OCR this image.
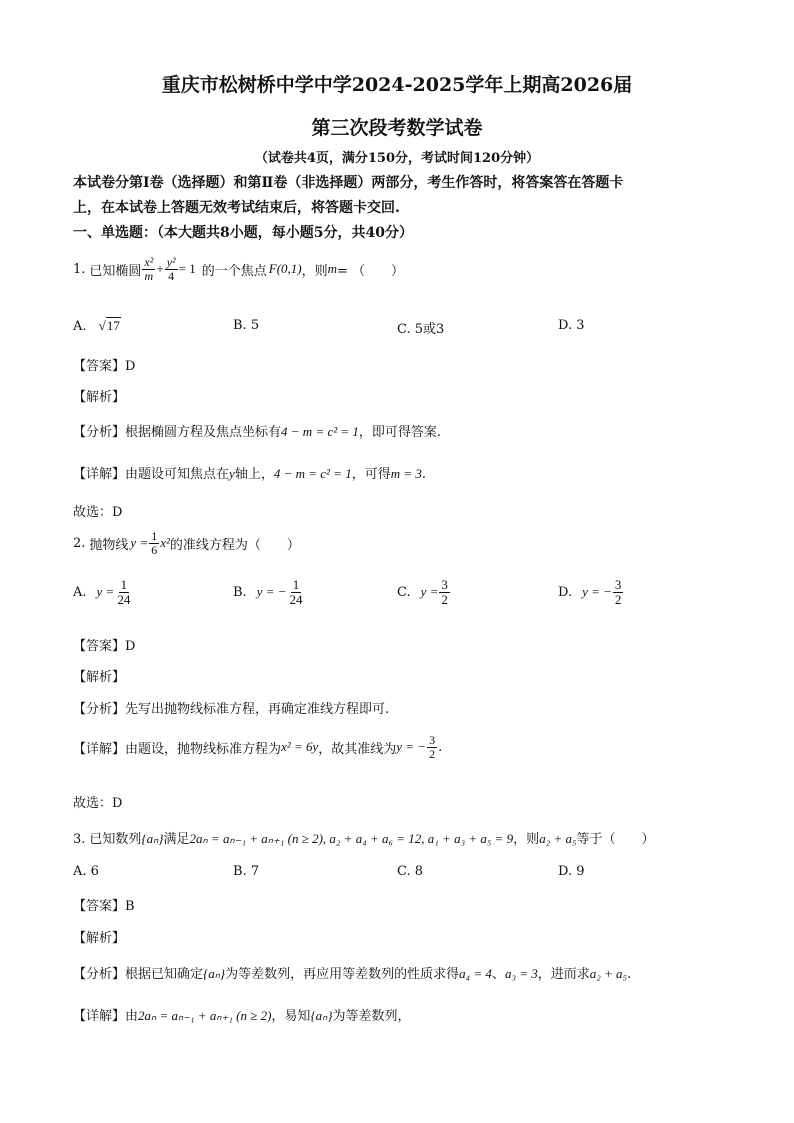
重庆市松树桥中学中学2024-2025学年上期高2026届
第三次段考数学试卷
（试卷共4页，满分150分，考试时间120分钟）
本试卷分第Ⅰ卷（选择题）和第Ⅱ卷（非选择题）两部分，考生作答时，将答案答在答题卡
上，在本试卷上答题无效考试结束后，将答题卡交回.
一、单选题：（本大题共8小题，每小题5分，共40分）
1. 已知椭圆 $\frac{\text{x²}}{m} + \frac{\text{y²}}{4} = 1$ 的一个焦点 F(0,1) ，则 m = （　　）
A. √17	B. 5	C. 5或3	D. 3
【答案】D
【解析】
【分析】根据椭圆方程及焦点坐标有4 − m = c² = 1，即可得答案.
【详解】由题设可知焦点在y轴上，4 − m = c² = 1，可得m = 3.
故选：D
2. 抛物线 $y = \frac{1}{6} x^2$ 的准线方程为（　　）
A. $y = \frac{1}{24}$	B. y = − $\frac{1}{24}$	C. $y = \frac{3}{2}$	D. y = − $\frac{3}{2}$
【答案】D
【解析】
【分析】先写出抛物线标准方程，再确定准线方程即可.
【详解】 由题设，抛物线标准方程为 x² = 6y ，故其准线为 y = − $\frac{3}{2}$ .
故选：D
3. 已知数列{aₙ}满足2aₙ = aₙ₋₁ + aₙ₊₁ (n ≥ 2), a₂ + a₄ + a₆ = 12, a₁ + a₃ + a₅ = 9，则a₂ + a₅等于（　　）
A. 6	B. 7	C. 8	D. 9
【答案】B
【解析】
【分析】根据已知确定{aₙ}为等差数列，再应用等差数列的性质求得a₄ = 4、a₃ = 3，进而求a₂ + a₅.
【详解】由2aₙ = aₙ₋₁ + aₙ₊₁ (n ≥ 2)，易知{aₙ}为等差数列，
